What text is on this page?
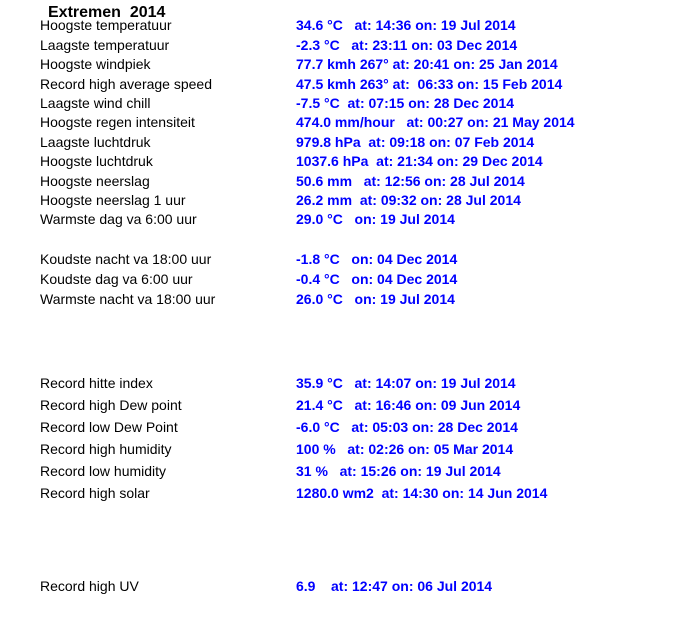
Extremen  2014
Hoogste temperatuur	34.6 °C   at: 14:36 on: 19 Jul 2014
Laagste temperatuur	-2.3 °C   at: 23:11 on: 03 Dec 2014
Hoogste windpiek	77.7 kmh 267° at: 20:41 on: 25 Jan 2014
Record high average speed	47.5 kmh 263° at:  06:33 on: 15 Feb 2014
Laagste wind chill	-7.5 °C  at: 07:15 on: 28 Dec 2014
Hoogste regen intensiteit	474.0 mm/hour   at: 00:27 on: 21 May 2014
Laagste luchtdruk	979.8 hPa  at: 09:18 on: 07 Feb 2014
Hoogste luchtdruk	1037.6 hPa  at: 21:34 on: 29 Dec 2014
Hoogste neerslag	50.6 mm   at: 12:56 on: 28 Jul 2014
Hoogste neerslag 1 uur	26.2 mm  at: 09:32 on: 28 Jul 2014
Warmste dag va 6:00 uur	29.0 °C   on: 19 Jul 2014
Koudste nacht va 18:00 uur	-1.8 °C   on: 04 Dec 2014
Koudste dag va 6:00 uur	-0.4 °C   on: 04 Dec 2014
Warmste nacht va 18:00 uur	26.0 °C   on: 19 Jul 2014
Record hitte index	35.9 °C   at: 14:07 on: 19 Jul 2014
Record high Dew point	21.4 °C   at: 16:46 on: 09 Jun 2014
Record low Dew Point	-6.0 °C   at: 05:03 on: 28 Dec 2014
Record high humidity	100 %   at: 02:26 on: 05 Mar 2014
Record low humidity	31 %   at: 15:26 on: 19 Jul 2014
Record high solar	1280.0 wm2  at: 14:30 on: 14 Jun 2014
Record high UV	6.9    at: 12:47 on: 06 Jul 2014
